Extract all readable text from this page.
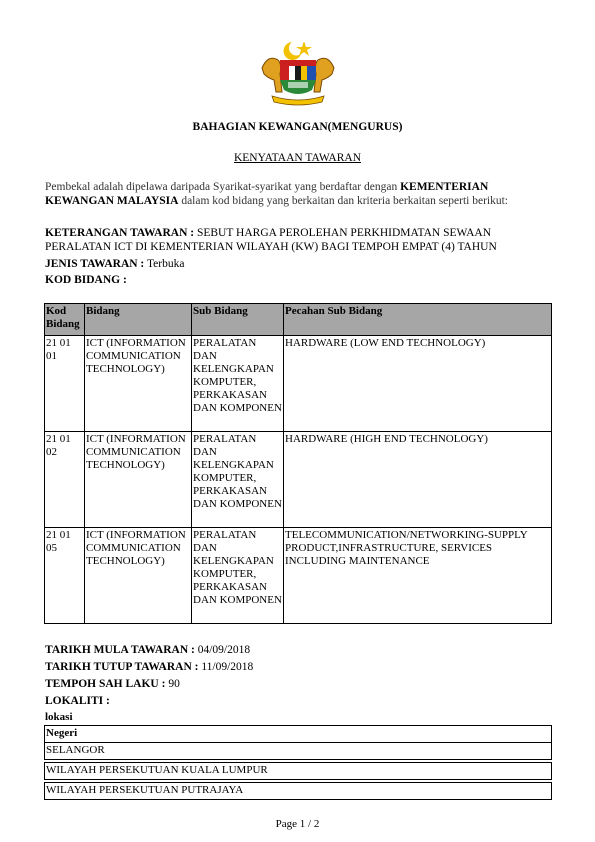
BAHAGIAN KEWANGAN(MENGURUS)
KENYATAAN TAWARAN
Pembekal adalah dipelawa daripada Syarikat-syarikat yang berdaftar dengan KEMENTERIAN KEWANGAN MALAYSIA dalam kod bidang yang berkaitan dan kriteria berkaitan seperti berikut:
KETERANGAN TAWARAN : SEBUT HARGA PEROLEHAN PERKHIDMATAN SEWAAN PERALATAN ICT DI KEMENTERIAN WILAYAH (KW) BAGI TEMPOH EMPAT (4) TAHUN
JENIS TAWARAN : Terbuka
KOD BIDANG :
Kod Bidang	Bidang	Sub Bidang	Pecahan Sub Bidang
21 01 01	ICT (INFORMATION COMMUNICATION TECHNOLOGY)	PERALATAN DAN KELENGKAPAN KOMPUTER, PERKAKASAN DAN KOMPONEN	HARDWARE (LOW END TECHNOLOGY)
21 01 02	ICT (INFORMATION COMMUNICATION TECHNOLOGY)	PERALATAN DAN KELENGKAPAN KOMPUTER, PERKAKASAN DAN KOMPONEN	HARDWARE (HIGH END TECHNOLOGY)
21 01 05	ICT (INFORMATION COMMUNICATION TECHNOLOGY)	PERALATAN DAN KELENGKAPAN KOMPUTER, PERKAKASAN DAN KOMPONEN	TELECOMMUNICATION/NETWORKING-SUPPLY PRODUCT,INFRASTRUCTURE, SERVICES INCLUDING MAINTENANCE
TARIKH MULA TAWARAN : 04/09/2018
TARIKH TUTUP TAWARAN : 11/09/2018
TEMPOH SAH LAKU : 90
LOKALITI :
lokasi
Negeri
SELANGOR

WILAYAH PERSEKUTUAN KUALA LUMPUR

WILAYAH PERSEKUTUAN PUTRAJAYA
Page 1 / 2
